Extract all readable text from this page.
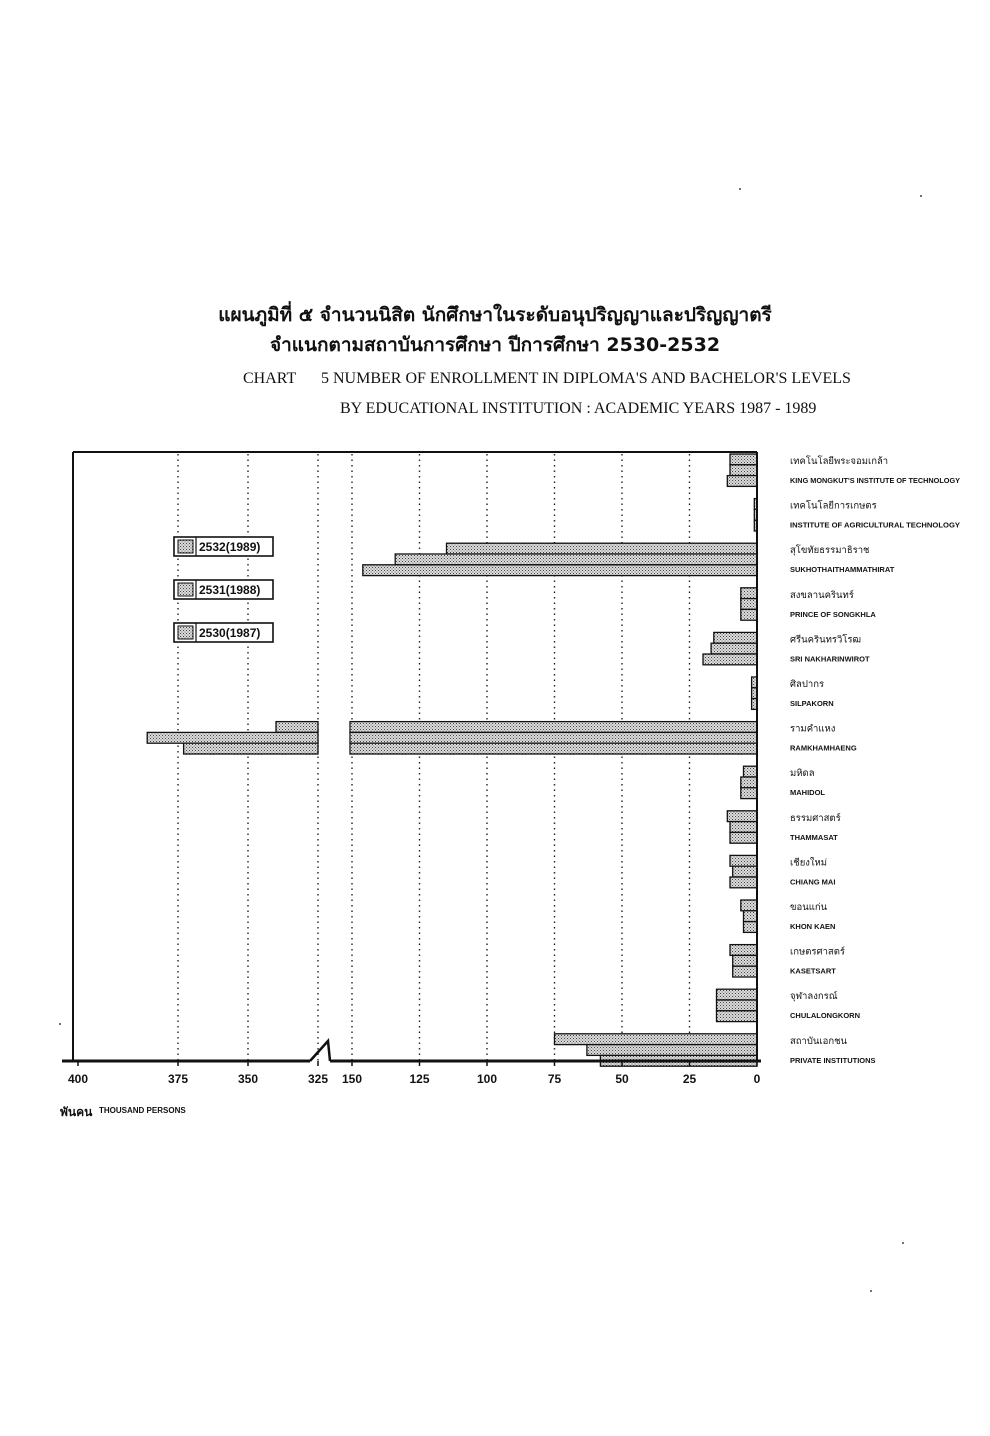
แผนภูมิที่ ๕ จำนวนนิสิต นักศึกษาในระดับอนุปริญญาและปริญญาตรี
จำแนกตามสถาบันการศึกษา ปีการศึกษา 2530-2532
CHART 5 NUMBER OF ENROLLMENT IN DIPLOMA'S AND BACHELOR'S LEVELS
BY EDUCATIONAL INSTITUTION : ACADEMIC YEARS 1987 - 1989
0
25
50
75
100
125
150
325
350
375
400
เทคโนโลยีพระจอมเกล้า
KING MONGKUT'S INSTITUTE OF TECHNOLOGY
เทคโนโลยีการเกษตร
INSTITUTE OF AGRICULTURAL TECHNOLOGY
สุโขทัยธรรมาธิราช
SUKHOTHAITHAMMATHIRAT
สงขลานครินทร์
PRINCE OF SONGKHLA
ศรีนครินทรวิโรฒ
SRI NAKHARINWIROT
ศิลปากร
SILPAKORN
รามคำแหง
RAMKHAMHAENG
มหิดล
MAHIDOL
ธรรมศาสตร์
THAMMASAT
เชียงใหม่
CHIANG MAI
ขอนแก่น
KHON KAEN
เกษตรศาสตร์
KASETSART
จุฬาลงกรณ์
CHULALONGKORN
สถาบันเอกชน
PRIVATE INSTITUTIONS
2532(1989)
2531(1988)
2530(1987)
พันคน THOUSAND PERSONS
